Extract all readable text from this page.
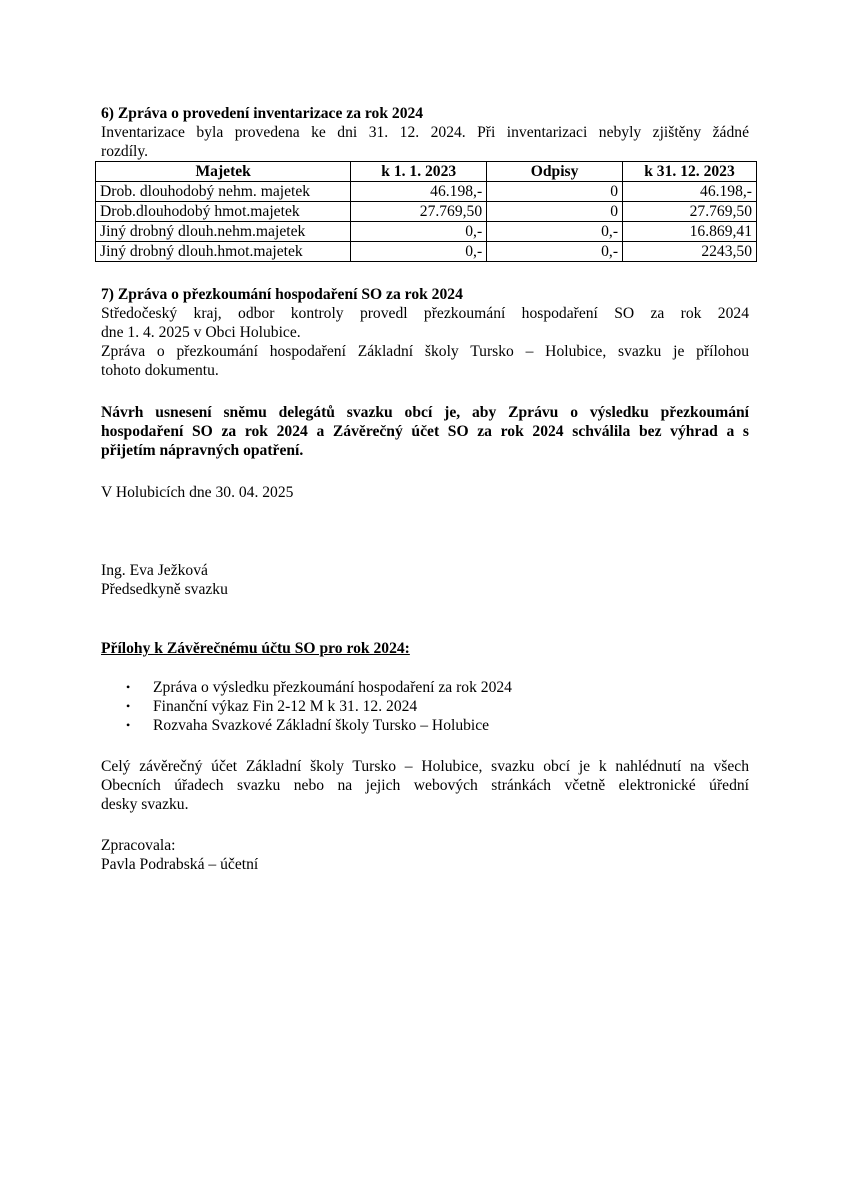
6) Zpráva o provedení inventarizace za rok 2024

Inventarizace byla provedena ke dni 31. 12. 2024. Při inventarizaci nebyly zjištěny žádné

rozdíly.

Majetek	k 1. 1. 2023	Odpisy	k 31. 12. 2023
Drob. dlouhodobý nehm. majetek	46.198,-	0	46.198,-
Drob.dlouhodobý hmot.majetek	27.769,50	0	27.769,50
Jiný drobný dlouh.nehm.majetek	0,-	0,-	16.869,41
Jiný drobný dlouh.hmot.majetek	0,-	0,-	2243,50

7) Zpráva o přezkoumání hospodaření SO za rok 2024

Středočeský kraj, odbor kontroly provedl přezkoumání hospodaření SO za rok 2024

dne 1. 4. 2025 v Obci Holubice.

Zpráva o přezkoumání hospodaření Základní školy Tursko – Holubice, svazku je přílohou

tohoto dokumentu.

Návrh usnesení sněmu delegátů svazku obcí je, aby Zprávu o výsledku přezkoumání

hospodaření SO za rok 2024 a Závěrečný účet SO za rok 2024 schválila bez výhrad a s

přijetím nápravných opatření.

V Holubicích dne 30. 04. 2025

Ing. Eva Ježková

Předsedkyně svazku

Přílohy k Závěrečnému účtu SO pro rok 2024:

• Zpráva o výsledku přezkoumání hospodaření za rok 2024
• Finanční výkaz Fin 2-12 M k 31. 12. 2024
• Rozvaha Svazkové Základní školy Tursko – Holubice

Celý závěrečný účet Základní školy Tursko – Holubice, svazku obcí je k nahlédnutí na všech

Obecních úřadech svazku nebo na jejich webových stránkách včetně elektronické úřední

desky svazku.

Zpracovala:

Pavla Podrabská – účetní
